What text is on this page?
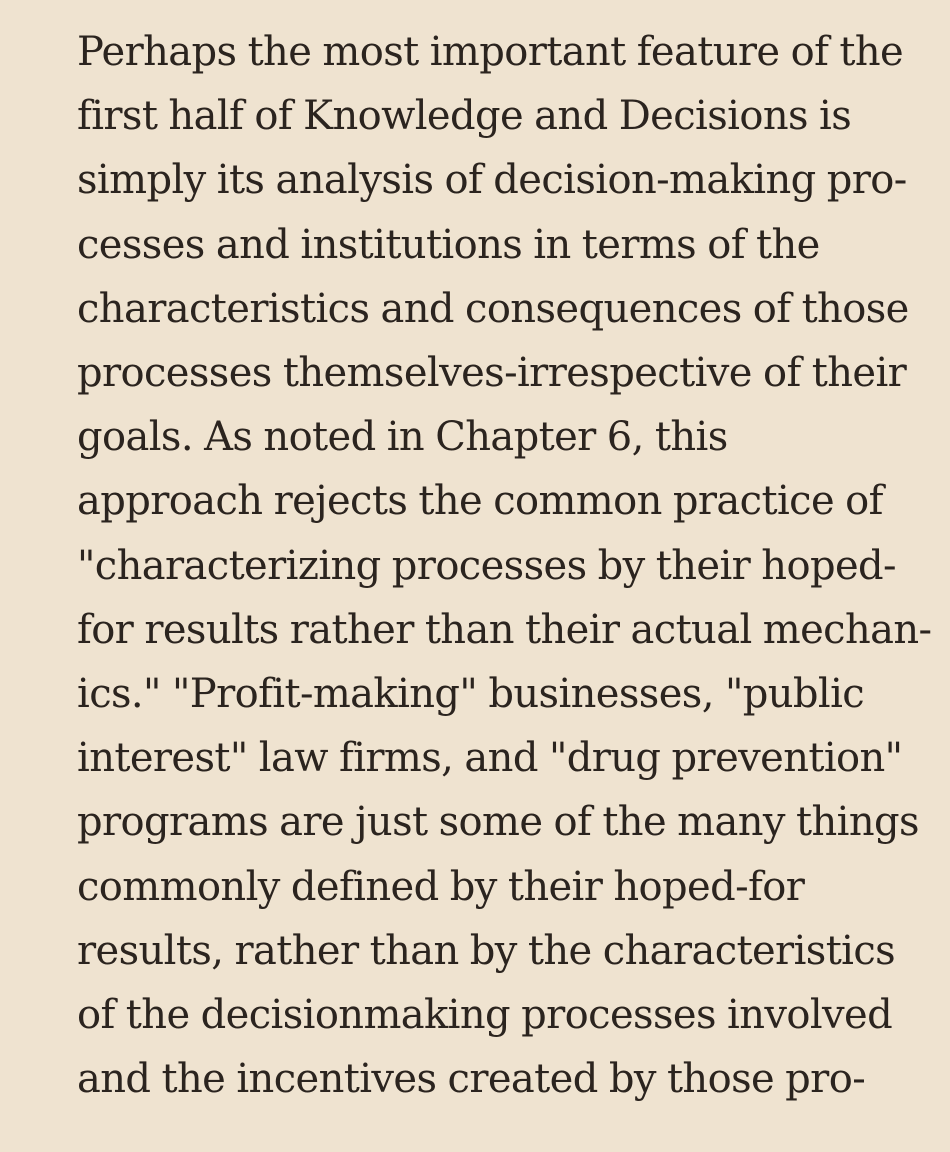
Perhaps the most important feature of the
first half of Knowledge and Decisions is
simply its analysis of decision-making pro-
cesses and institutions in terms of the
characteristics and consequences of those
processes themselves-irrespective of their
goals. As noted in Chapter 6, this
approach rejects the common practice of
"characterizing processes by their hoped-
for results rather than their actual mechan-
ics." "Profit-making" businesses, "public
interest" law firms, and "drug prevention"
programs are just some of the many things
commonly defined by their hoped-for
results, rather than by the characteristics
of the decisionmaking processes involved
and the incentives created by those pro-
